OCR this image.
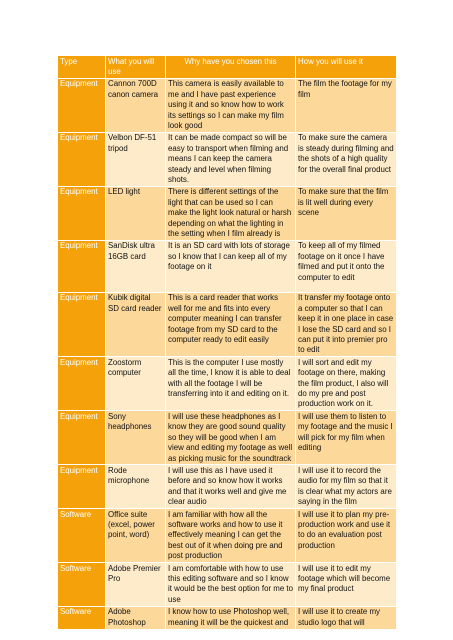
Type	What you will use	Why have you chosen this	How you will use it
Equipment	Cannon 700D canon camera	This camera is easily available to me and I have past experience using it and so know how to work its settings so I can make my film look good	The film the footage for my film
Equipment	Velbon DF-51 tripod	It can be made compact so will be easy to transport when filming and means I can keep the camera steady and level when filming shots.	To make sure the camera is steady during filming and the shots of a high quality for the overall final product
Equipment	LED light	There is different settings of the light that can be used so I can make the light look natural or harsh depending on what the lighting in the setting when I film already is	To make sure that the film is lit well during every scene
Equipment	SanDisk ultra 16GB card	It is an SD card with lots of storage so I know that I can keep all of my footage on it	To keep all of my filmed footage on it once I have filmed and put it onto the computer to edit
Equipment	Kubik digital SD card reader	This is a card reader that works well for me and fits into every computer meaning I can transfer footage from my SD card to the computer ready to edit easily	It transfer my footage onto a computer so that I can keep it in one place in case I lose the SD card and so I can put it into premier pro to edit
Equipment	Zoostorm computer	This is the computer I use mostly all the time, I know it is able to deal with all the footage I will be transferring into it and editing on it.	I will sort and edit my footage on there, making the film product, I also will do my pre and post production work on it.
Equipment	Sony headphones	I will use these headphones as I know they are good sound quality so they will be good when I am view and editing my footage as well as picking music for the soundtrack	I will use them to listen to my footage and the music I will pick for my film when editing
Equipment	Rode microphone	I will use this as I have used it before and so know how it works and that it works well and give me clear audio	I will use it to record the audio for my film so that it is clear what my actors are saying in the film
Software	Office suite (excel, power point, word)	I am familiar with how all the software works and how to use it effectively meaning I can get the best out of it when doing pre and post production	I will use it to plan my pre-production work and use it to do an evaluation post production
Software	Adobe Premier Pro	I am comfortable with how to use this editing software and so I know it would be the best option for me to use	I will use it to edit my footage which will become my final product
Software	Adobe Photoshop	I know how to use Photoshop well, meaning it will be the quickest and	I will use it to create my studio logo that will
